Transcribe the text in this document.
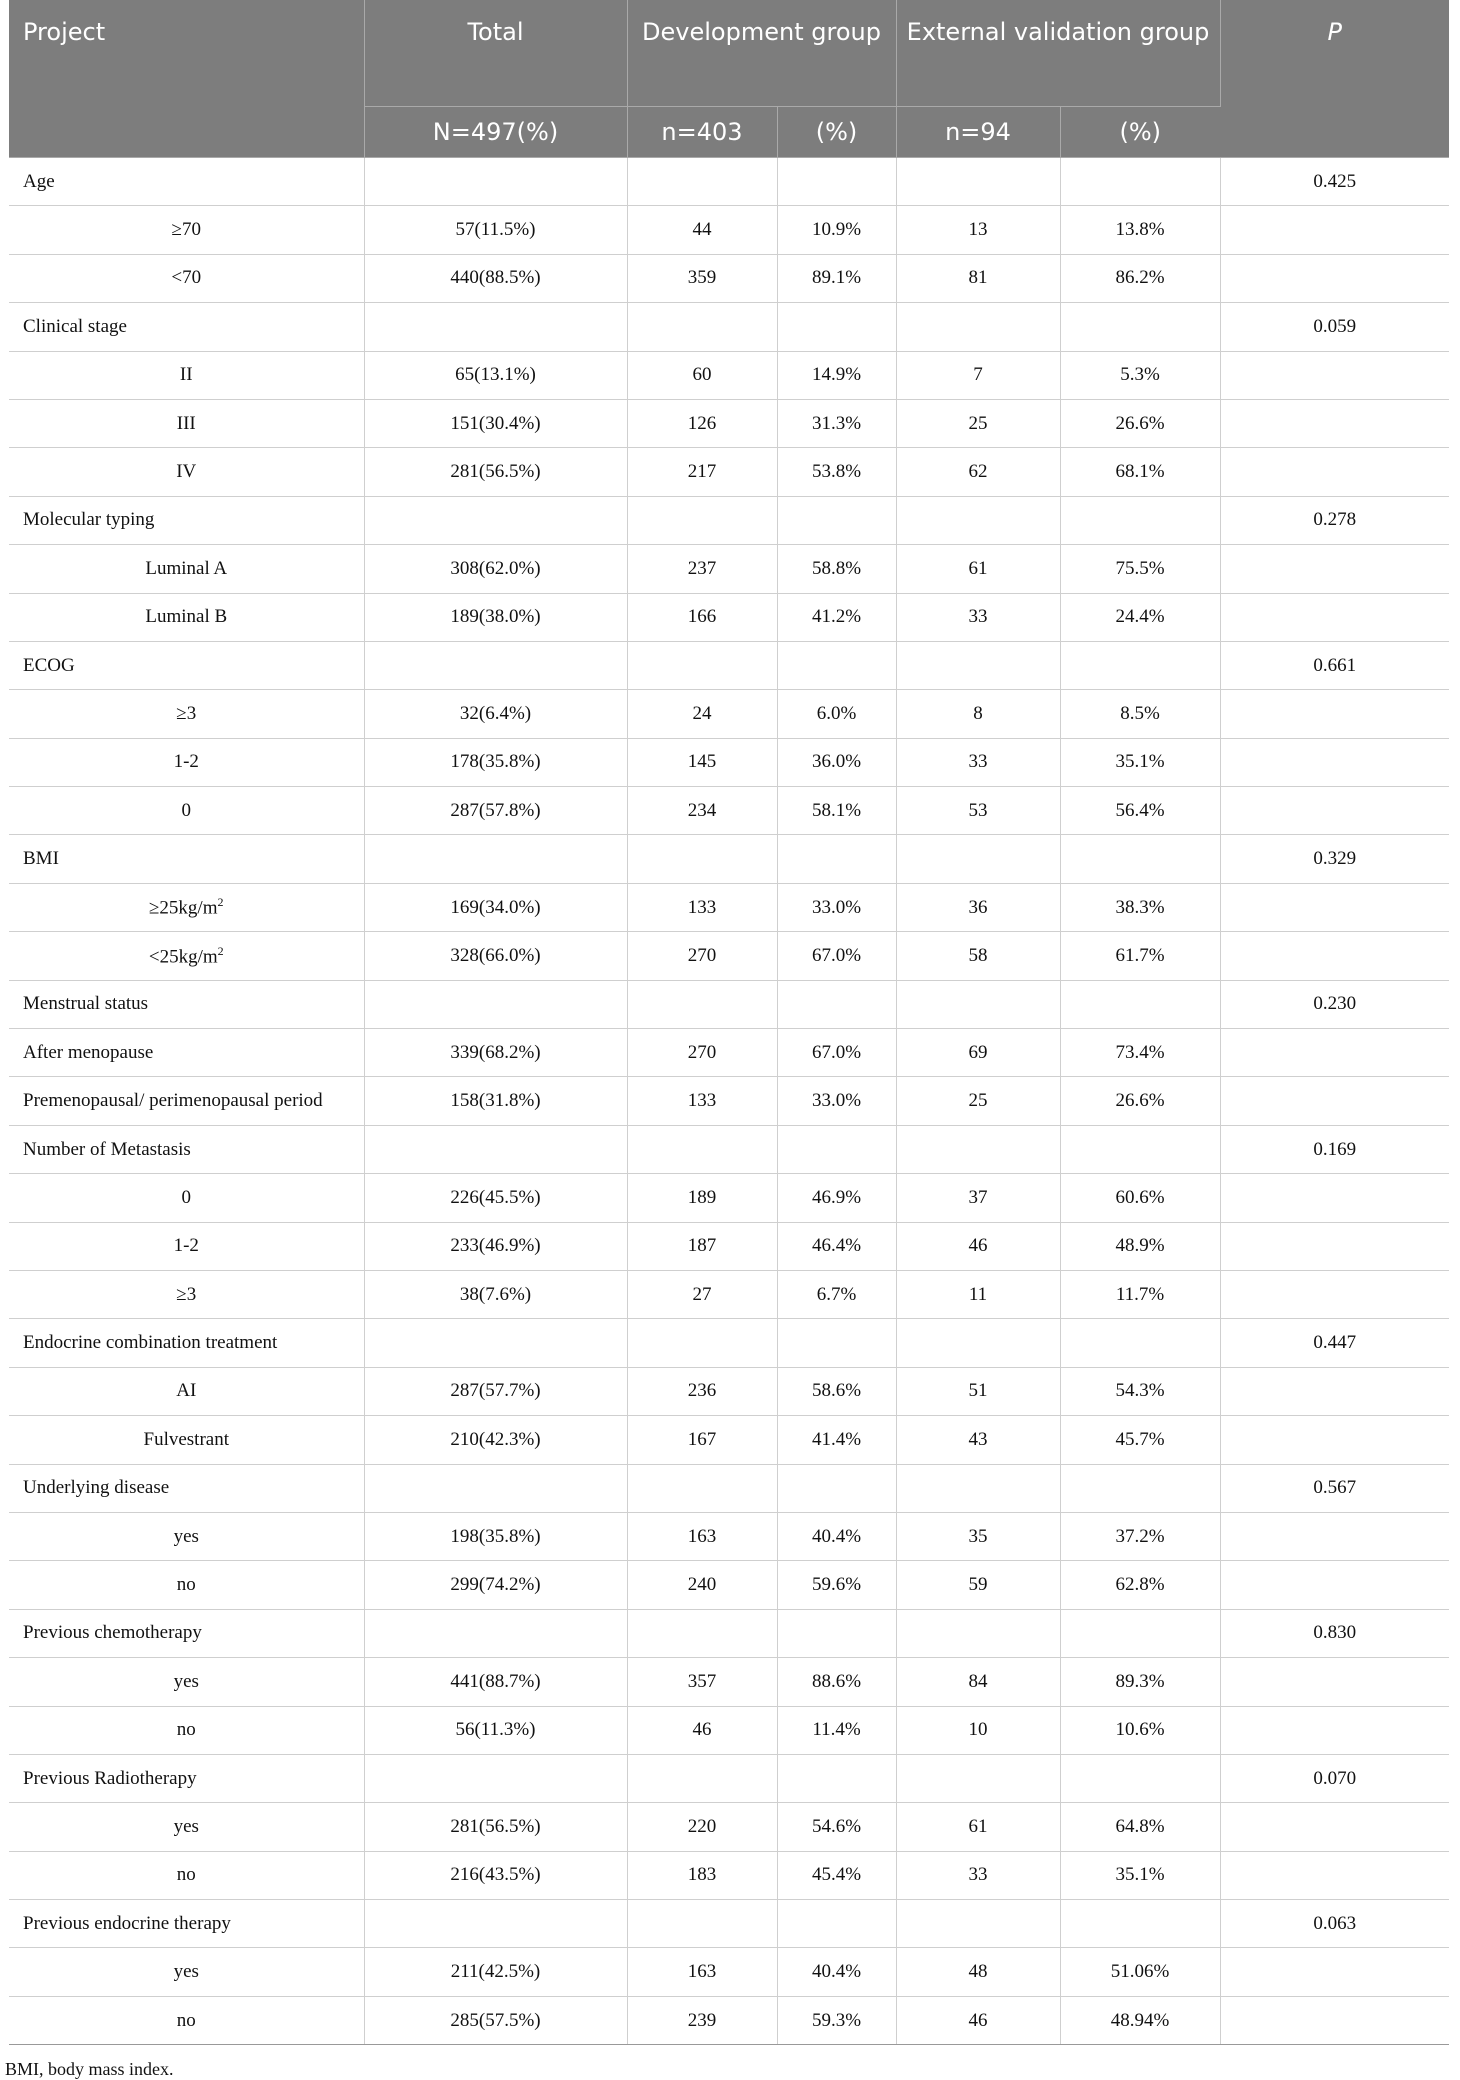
Project	Total	Development group		External validation group		P
	N=497(%)	n=403	(%)	n=94	(%)	
Age						0.425
≥70	57(11.5%)	44	10.9%	13	13.8%	
<70	440(88.5%)	359	89.1%	81	86.2%	
Clinical stage						0.059
II	65(13.1%)	60	14.9%	7	5.3%	
III	151(30.4%)	126	31.3%	25	26.6%	
IV	281(56.5%)	217	53.8%	62	68.1%	
Molecular typing						0.278
Luminal A	308(62.0%)	237	58.8%	61	75.5%	
Luminal B	189(38.0%)	166	41.2%	33	24.4%	
ECOG						0.661
≥3	32(6.4%)	24	6.0%	8	8.5%	
1-2	178(35.8%)	145	36.0%	33	35.1%	
0	287(57.8%)	234	58.1%	53	56.4%	
BMI						0.329
$\ge 25kg/m^2$	169(34.0%)	133	33.0%	36	38.3%	
$<25kg/m^2$	328(66.0%)	270	67.0%	58	61.7%	
Menstrual status						0.230
After menopause	339(68.2%)	270	67.0%	69	73.4%	
Premenopausal/ perimenopausal period	158(31.8%)	133	33.0%	25	26.6%	
Number of Metastasis						0.169
0	226(45.5%)	189	46.9%	37	60.6%	
1-2	233(46.9%)	187	46.4%	46	48.9%	
≥3	38(7.6%)	27	6.7%	11	11.7%	
Endocrine combination treatment						0.447
AI	287(57.7%)	236	58.6%	51	54.3%	
Fulvestrant	210(42.3%)	167	41.4%	43	45.7%	
Underlying disease						0.567
yes	198(35.8%)	163	40.4%	35	37.2%	
no	299(74.2%)	240	59.6%	59	62.8%	
Previous chemotherapy						0.830
yes	441(88.7%)	357	88.6%	84	89.3%	
no	56(11.3%)	46	11.4%	10	10.6%	
Previous Radiotherapy						0.070
yes	281(56.5%)	220	54.6%	61	64.8%	
no	216(43.5%)	183	45.4%	33	35.1%	
Previous endocrine therapy						0.063
yes	211(42.5%)	163	40.4%	48	51.06%	
no	285(57.5%)	239	59.3%	46	48.94%	
BMI, body mass index.
